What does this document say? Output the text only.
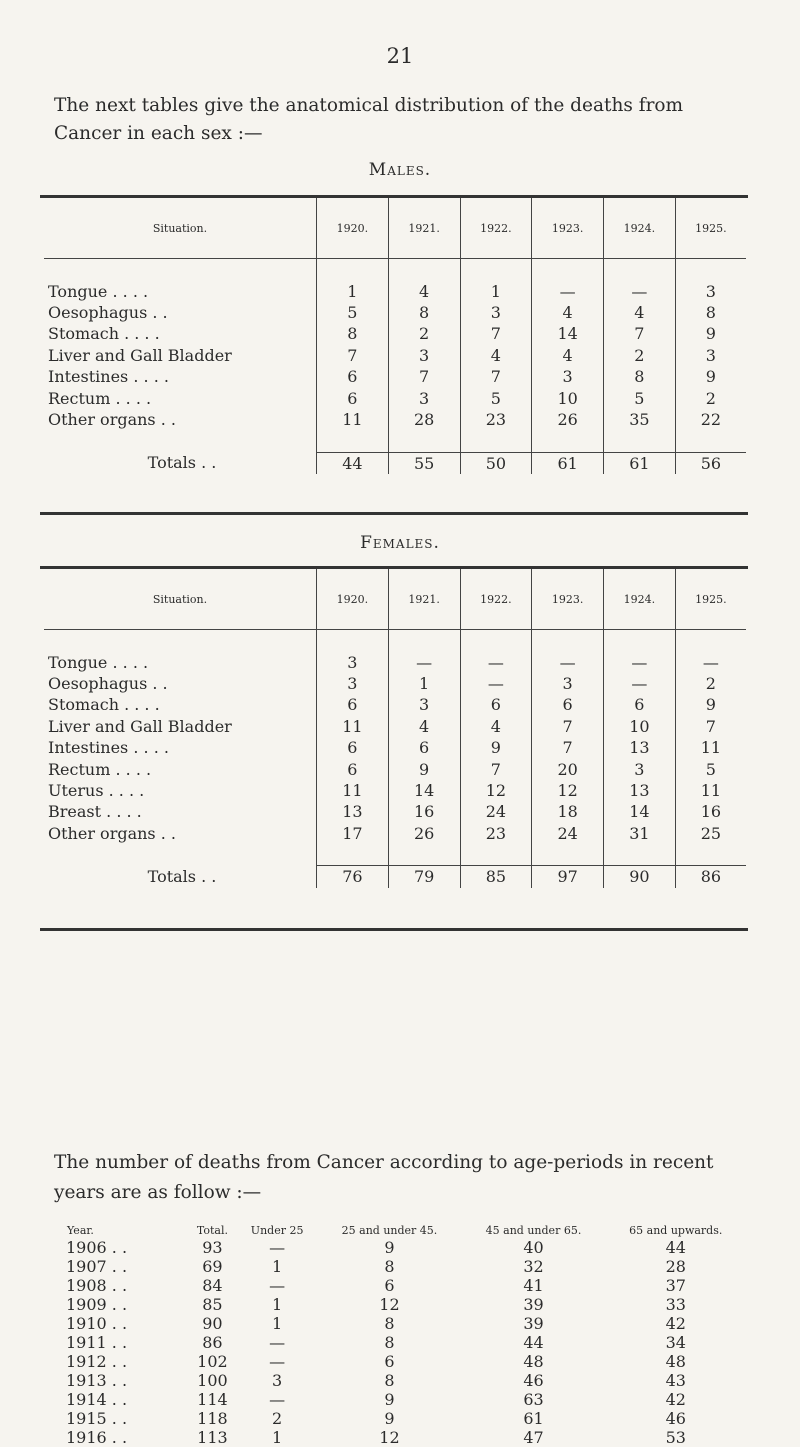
21

The next tables give the anatomical distribution of the deaths from Cancer in each sex :—

Males.
Situation.	1920.	1921.	1922.	1923.	1924.	1925.

Tongue . . . .	1	4	1	—	—	3
Oesophagus . .	5	8	3	4	4	8
Stomach . . . .	8	2	7	14	7	9
Liver and Gall Bladder	7	3	4	4	2	3
Intestines . . . .	6	7	7	3	8	9
Rectum . . . .	6	3	5	10	5	2
Other organs . .	11	28	23	26	35	22

Totals . .	44	55	50	61	61	56
Females.
Situation.	1920.	1921.	1922.	1923.	1924.	1925.

Tongue . . . .	3	—	—	—	—	—
Oesophagus . .	3	1	—	3	—	2
Stomach . . . .	6	3	6	6	6	9
Liver and Gall Bladder	11	4	4	7	10	7
Intestines . . . .	6	6	9	7	13	11
Rectum . . . .	6	9	7	20	3	5
Uterus . . . .	11	14	12	12	13	11
Breast . . . .	13	16	24	18	14	16
Other organs . .	17	26	23	24	31	25

Totals . .	76	79	85	97	90	86

The number of deaths from Cancer according to age-periods in recent years are as follow :—

Year.	Total.	Under 25	25 and under 45.	45 and under 65.	65 and upwards.
1906 . .	93	—	9	40	44
1907 . .	69	1	8	32	28
1908 . .	84	—	6	41	37
1909 . .	85	1	12	39	33
1910 . .	90	1	8	39	42
1911 . .	86	—	8	44	34
1912 . .	102	—	6	48	48
1913 . .	100	3	8	46	43
1914 . .	114	—	9	63	42
1915 . .	118	2	9	61	46
1916 . .	113	1	12	47	53
